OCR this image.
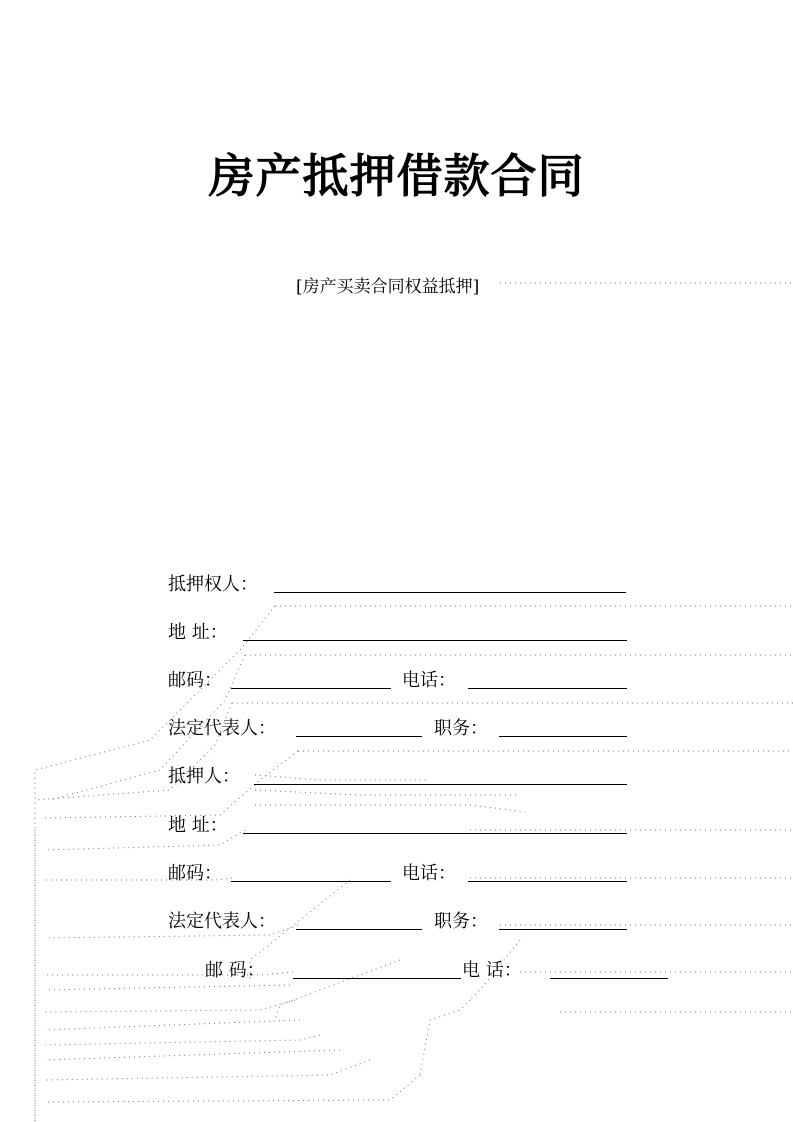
房产抵押借款合同
[房产买卖合同权益抵押]
抵押权人：
地 址：
邮码：	电话：
法定代表人：	职务：
抵押人：
地 址：
邮码：	电话：
法定代表人：	职务：
邮 码：	电 话：
